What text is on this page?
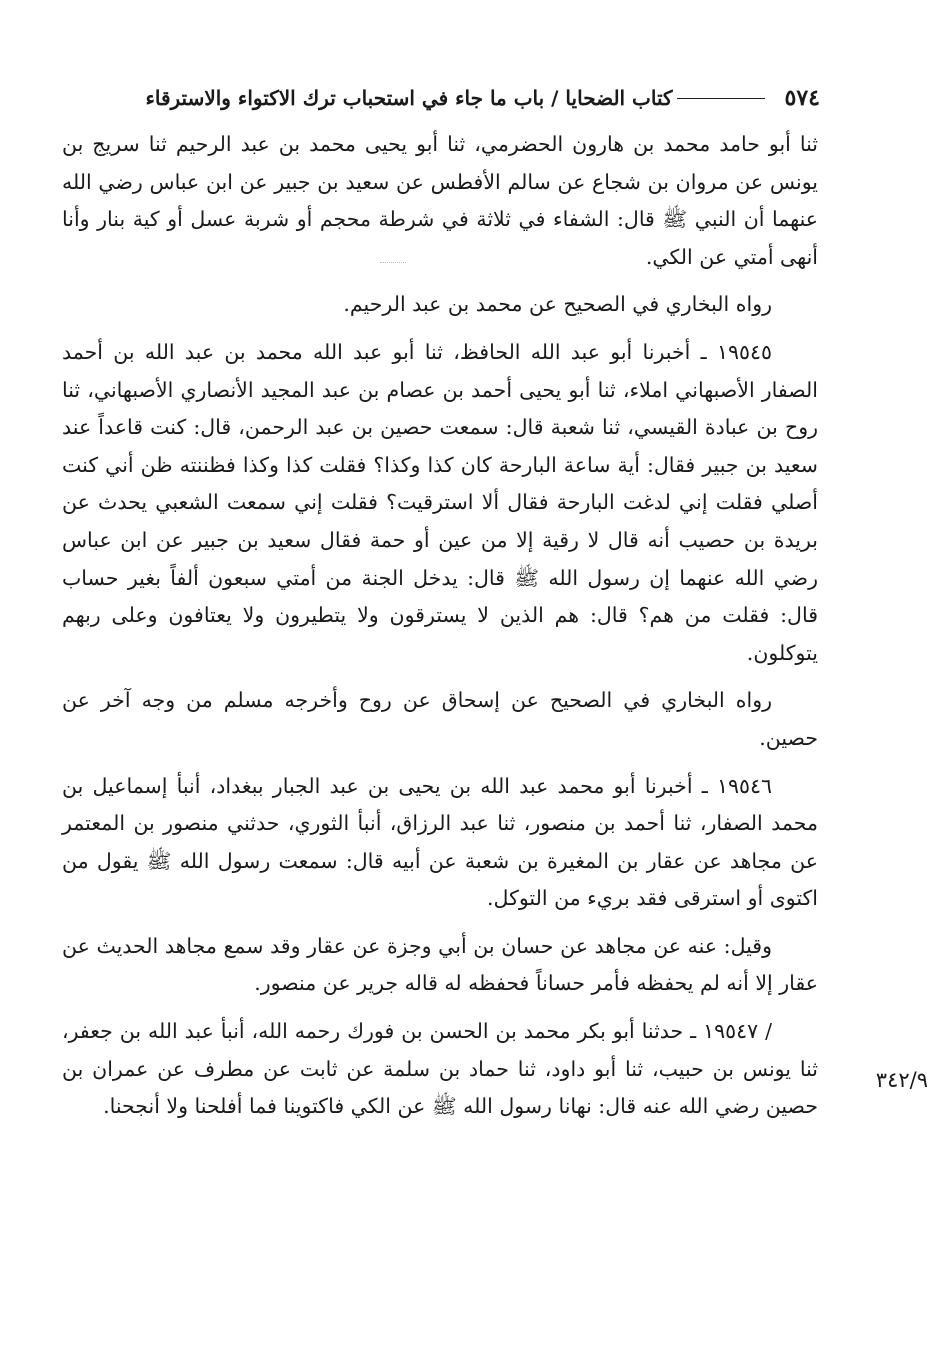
٥٧٤
كتاب الضحايا / باب ما جاء في استحباب ترك الاكتواء والاسترقاء

ثنا أبو حامد محمد بن هارون الحضرمي، ثنا أبو يحيى محمد بن عبد الرحيم ثنا سريج بن يونس عن مروان بن شجاع عن سالم الأفطس عن سعيد بن جبير عن ابن عباس رضي الله عنهما أن النبي ﷺ قال: الشفاء في ثلاثة في شرطة محجم أو شربة عسل أو كية بنار وأنا أنهى أمتي عن الكي.

رواه البخاري في الصحيح عن محمد بن عبد الرحيم.

١٩٥٤٥ ـ أخبرنا أبو عبد الله الحافظ، ثنا أبو عبد الله محمد بن عبد الله بن أحمد الصفار الأصبهاني املاء، ثنا أبو يحيى أحمد بن عصام بن عبد المجيد الأنصاري الأصبهاني، ثنا روح بن عبادة القيسي، ثنا شعبة قال: سمعت حصين بن عبد الرحمن، قال: كنت قاعداً عند سعيد بن جبير فقال: أية ساعة البارحة كان كذا وكذا؟ فقلت كذا وكذا فظننته ظن أني كنت أصلي فقلت إني لدغت البارحة فقال ألا استرقيت؟ فقلت إني سمعت الشعبي يحدث عن بريدة بن حصيب أنه قال لا رقية إلا من عين أو حمة فقال سعيد بن جبير عن ابن عباس رضي الله عنهما إن رسول الله ﷺ قال: يدخل الجنة من أمتي سبعون ألفاً بغير حساب قال: فقلت من هم؟ قال: هم الذين لا يسترقون ولا يتطيرون ولا يعتافون وعلى ربهم يتوكلون.

رواه البخاري في الصحيح عن إسحاق عن روح وأخرجه مسلم من وجه آخر عن حصين.

١٩٥٤٦ ـ أخبرنا أبو محمد عبد الله بن يحيى بن عبد الجبار ببغداد، أنبأ إسماعيل بن محمد الصفار، ثنا أحمد بن منصور، ثنا عبد الرزاق، أنبأ الثوري، حدثني منصور بن المعتمر عن مجاهد عن عقار بن المغيرة بن شعبة عن أبيه قال: سمعت رسول الله ﷺ يقول من اكتوى أو استرقى فقد بريء من التوكل.

وقيل: عنه عن مجاهد عن حسان بن أبي وجزة عن عقار وقد سمع مجاهد الحديث عن عقار إلا أنه لم يحفظه فأمر حساناً فحفظه له قاله جرير عن منصور.

/ ١٩٥٤٧ ـ حدثنا أبو بكر محمد بن الحسن بن فورك رحمه الله، أنبأ عبد الله بن جعفر، ثنا يونس بن حبيب، ثنا أبو داود، ثنا حماد بن سلمة عن ثابت عن مطرف عن عمران بن حصين رضي الله عنه قال: نهانا رسول الله ﷺ عن الكي فاكتوينا فما أفلحنا ولا أنجحنا.

٣٤٢/٩
